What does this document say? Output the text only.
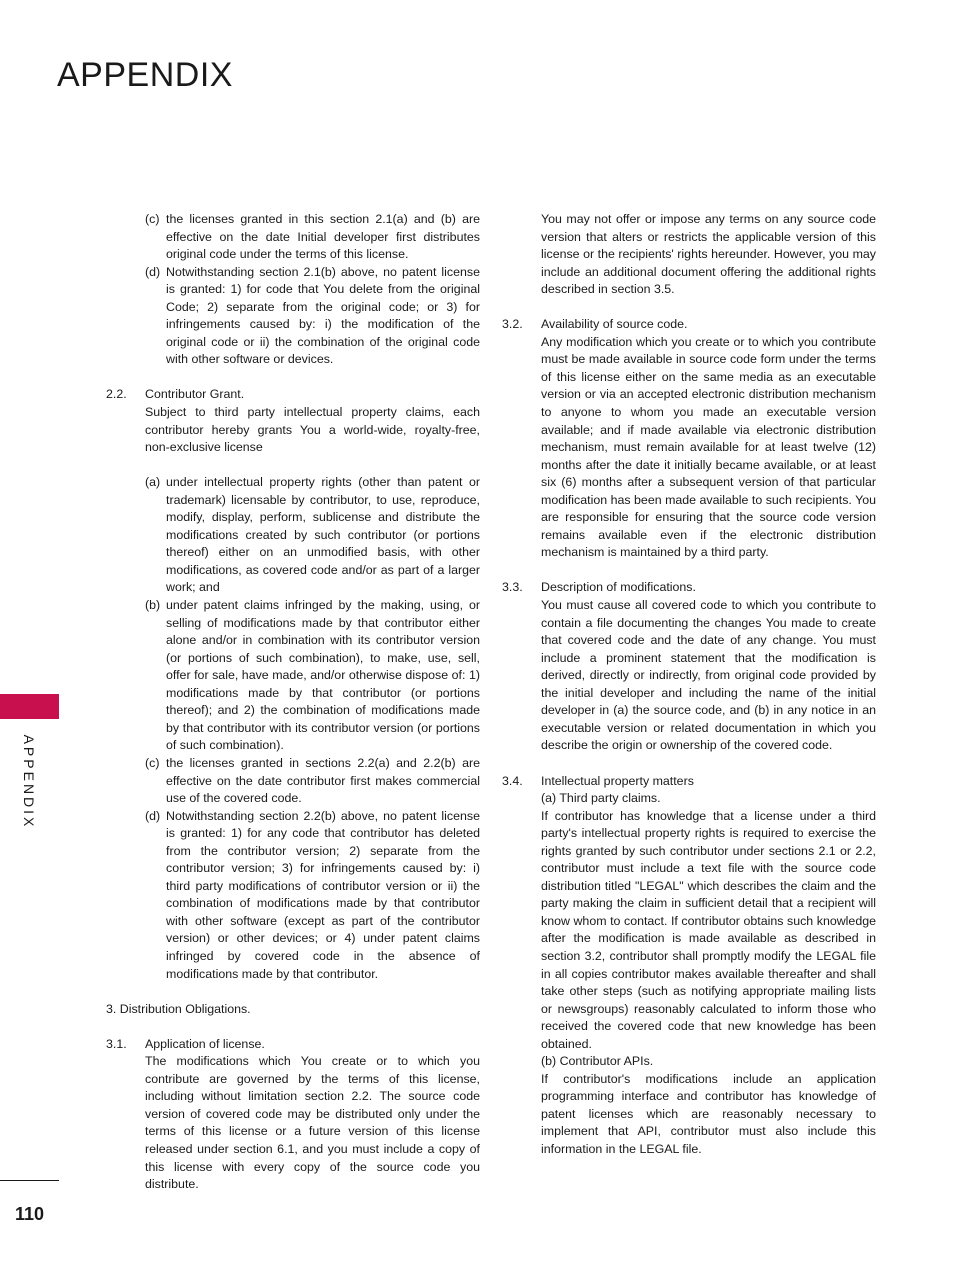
APPENDIX
APPENDIX
110
(c) the licenses granted in this section 2.1(a) and (b) are effective on the date Initial developer first distributes original code under the terms of this license.
(d) Notwithstanding section 2.1(b) above, no patent license is granted: 1) for code that You delete from the original Code; 2) separate from the original code; or 3) for infringements caused by: i) the modification of the original code or ii) the combination of the original code with other software or devices.
2.2.	Contributor Grant.

Subject to third party intellectual property claims, each contributor hereby grants You a world-wide, royalty-free, non-exclusive license

(a) under intellectual property rights (other than patent or trademark) licensable by contributor, to use, reproduce, modify, display, perform, sublicense and distribute the modifications created by such contributor (or portions thereof) either on an unmodified basis, with other modifications, as covered code and/or as part of a larger work; and
(b) under patent claims infringed by the making, using, or selling of modifications made by that contributor either alone and/or in combination with its contributor version (or portions of such combination), to make, use, sell, offer for sale, have made, and/or otherwise dispose of: 1) modifications made by that contributor (or portions thereof); and 2) the combination of modifications made by that contributor with its contributor version (or portions of such combination).
(c) the licenses granted in sections 2.2(a) and 2.2(b) are effective on the date contributor first makes commercial use of the covered code.
(d) Notwithstanding section 2.2(b) above, no patent license is granted: 1) for any code that contributor has deleted from the contributor version; 2) separate from the contributor version; 3) for infringements caused by: i) third party modifications of contributor version or ii) the combination of modifications made by that contributor with other software (except as part of the contributor version) or other devices; or 4) under patent claims infringed by covered code in the absence of modifications made by that contributor.

3. Distribution Obligations.

3.1.	Application of license.

The modifications which You create or to which you contribute are governed by the terms of this license, including without limitation section 2.2. The source code version of covered code may be distributed only under the terms of this license or a future version of this license released under section 6.1, and you must include a copy of this license with every copy of the source code you distribute.

You may not offer or impose any terms on any source code version that alters or restricts the applicable version of this license or the recipients' rights hereunder. However, you may include an additional document offering the additional rights described in section 3.5.

3.2.	Availability of source code.

Any modification which you create or to which you contribute must be made available in source code form under the terms of this license either on the same media as an executable version or via an accepted electronic distribution mechanism to anyone to whom you made an executable version available; and if made available via electronic distribution mechanism, must remain available for at least twelve (12) months after the date it initially became available, or at least six (6) months after a subsequent version of that particular modification has been made available to such recipients. You are responsible for ensuring that the source code version remains available even if the electronic distribution mechanism is maintained by a third party.

3.3.	Description of modifications.

You must cause all covered code to which you contribute to contain a file documenting the changes You made to create that covered code and the date of any change. You must include a prominent statement that the modification is derived, directly or indirectly, from original code provided by the initial developer and including the name of the initial developer in (a) the source code, and (b) in any notice in an executable version or related documentation in which you describe the origin or ownership of the covered code.

3.4.	Intellectual property matters

(a) Third party claims.

If contributor has knowledge that a license under a third party's intellectual property rights is required to exercise the rights granted by such contributor under sections 2.1 or 2.2, contributor must include a text file with the source code distribution titled "LEGAL" which describes the claim and the party making the claim in sufficient detail that a recipient will know whom to contact. If contributor obtains such knowledge after the modification is made available as described in section 3.2, contributor shall promptly modify the LEGAL file in all copies contributor makes available thereafter and shall take other steps (such as notifying appropriate mailing lists or newsgroups) reasonably calculated to inform those who received the covered code that new knowledge has been obtained.

(b) Contributor APIs.

If contributor's modifications include an application programming interface and contributor has knowledge of patent licenses which are reasonably necessary to implement that API, contributor must also include this information in the LEGAL file.
